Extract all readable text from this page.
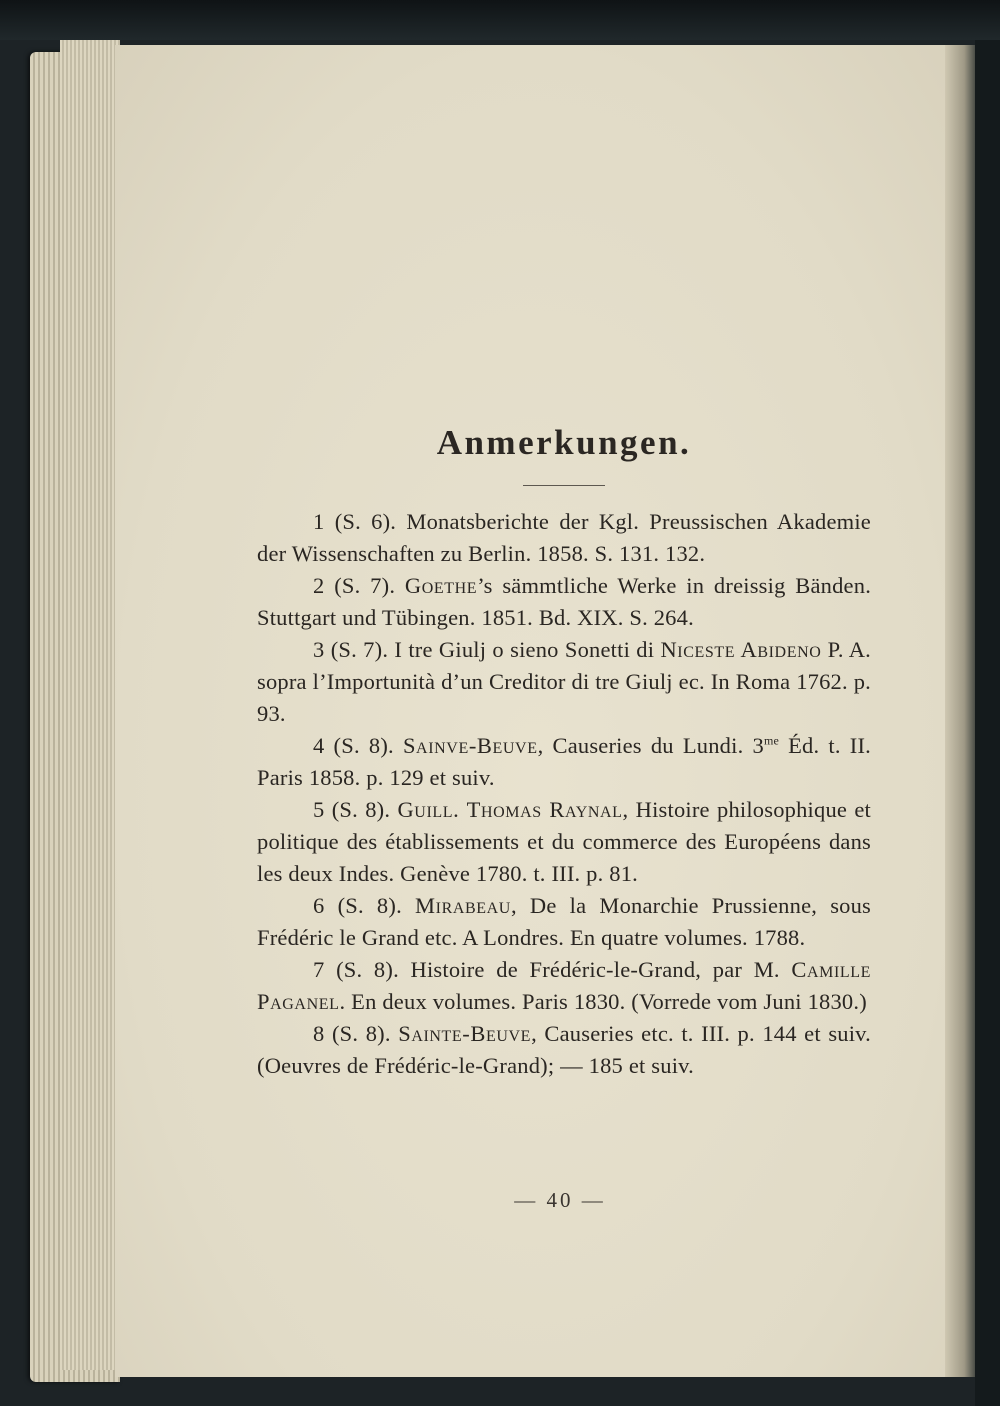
Anmerkungen.

1 (S. 6). Monatsberichte der Kgl. Preussischen Akademie der Wissenschaften zu Berlin. 1858. S. 131. 132.

2 (S. 7). Goethe’s sämmtliche Werke in dreissig Bänden. Stuttgart und Tübingen. 1851. Bd. XIX. S. 264.

3 (S. 7). I tre Giulj o sieno Sonetti di Niceste Abideno P. A. sopra l’Importunità d’un Creditor di tre Giulj ec. In Roma 1762. p. 93.

4 (S. 8). Sainve-Beuve, Causeries du Lundi. $3^{me}$ Éd. t. II. Paris 1858. p. 129 et suiv.

5 (S. 8). Guill. Thomas Raynal, Histoire philosophique et politique des établissements et du commerce des Européens dans les deux Indes. Genève 1780. t. III. p. 81.

6 (S. 8). Mirabeau, De la Monarchie Prussienne, sous Frédéric le Grand etc. A Londres. En quatre volumes. 1788.

7 (S. 8). Histoire de Frédéric-le-Grand, par M. Camille Paganel. En deux volumes. Paris 1830. (Vorrede vom Juni 1830.)

8 (S. 8). Sainte-Beuve, Causeries etc. t. III. p. 144 et suiv. (Oeuvres de Frédéric-le-Grand); — 185 et suiv.

— 40 —
